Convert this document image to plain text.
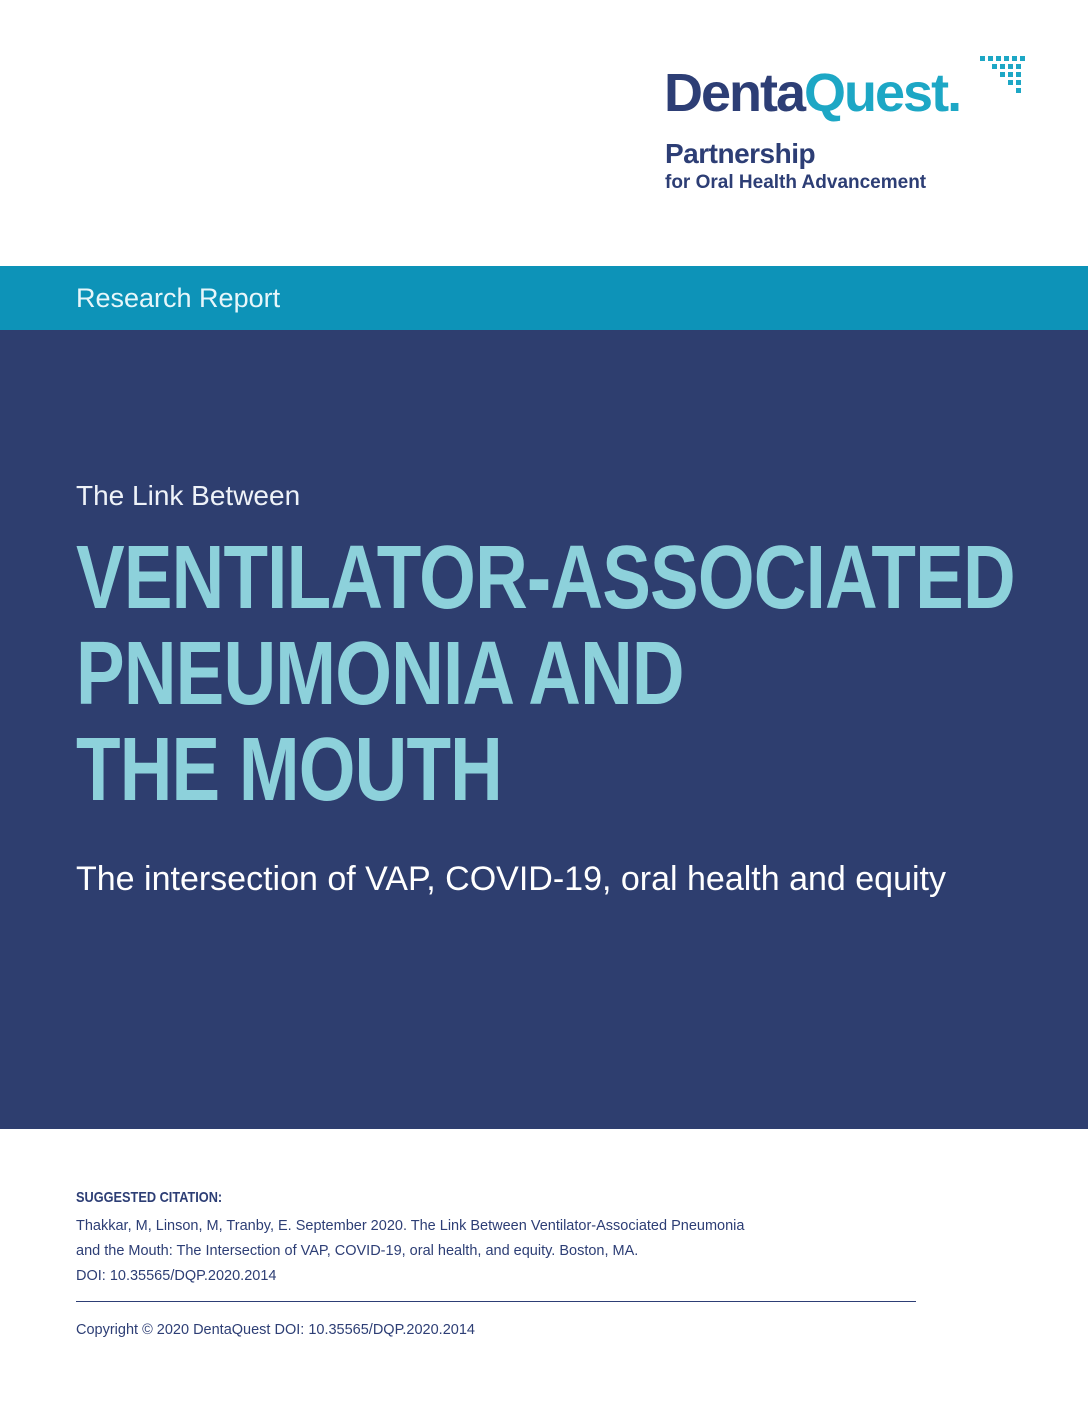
DentaQuest.
Partnership
for Oral Health Advancement
Research Report
The Link Between
VENTILATOR-ASSOCIATED
PNEUMONIA AND
THE MOUTH
The intersection of VAP, COVID-19, oral health and equity
SUGGESTED CITATION:
Thakkar, M, Linson, M, Tranby, E. September 2020. The Link Between Ventilator-Associated Pneumonia
and the Mouth: The Intersection of VAP, COVID-19, oral health, and equity. Boston, MA.
DOI: 10.35565/DQP.2020.2014
Copyright © 2020 DentaQuest DOI: 10.35565/DQP.2020.2014
